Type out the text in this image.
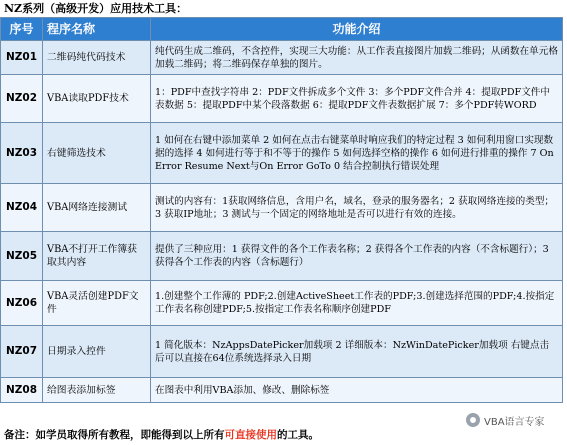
NZ系列（高级开发）应用技术工具：
序号	程序名称	功能介绍
NZ01	二维码纯代码技术	纯代码生成二维码，不含控件，实现三大功能：从工作表直接图片加载二维码；从函数在单元格加载二维码；将二维码保存单独的图片。
NZ02	VBA读取PDF技术	1：PDF中查找字符串 2：PDF文件拆成多个文件 3：多个PDF文件合并 4：提取PDF文件中表数据 5：提取PDF中某个段落数据 6：提取PDF文件表数据扩展 7：多个PDF转WORD
NZ03	右键筛选技术	1 如何在右键中添加菜单 2 如何在点击右键菜单时响应我们的特定过程 3 如何利用窗口实现数据的选择 4 如何进行等于和不等于的操作 5 如何选择空格的操作 6 如何进行排重的操作 7 On Error Resume Next与On Error GoTo 0 结合控制执行错误处理
NZ04	VBA网络连接测试	测试的内容有：1获取网络信息，含用户名，域名，登录的服务器名；2 获取网络连接的类型；3 获取IP地址；3 测试与一个固定的网络地址是否可以进行有效的连接。
NZ05	VBA不打开工作簿获取其内容	提供了三种应用：1 获得文件的各个工作表名称；2 获得各个工作表的内容（不含标题行）；3获得各个工作表的内容（含标题行）
NZ06	VBA灵活创建PDF文件	1.创建整个工作薄的 PDF;2.创建ActiveSheet工作表的PDF;3.创建选择范围的PDF;4.按指定工作表名称创建PDF;5.按指定工作表名称顺序创建PDF
NZ07	日期录入控件	1 简化版本：NzAppsDatePicker加载项 2 详细版本：NzWinDatePicker加载项 右键点击后可以直接在64位系统选择录入日期
NZ08	给图表添加标签	在图表中利用VBA添加、修改、删除标签
VBA语言专家
备注：如学员取得所有教程，即能得到以上所有可直接使用的工具。
